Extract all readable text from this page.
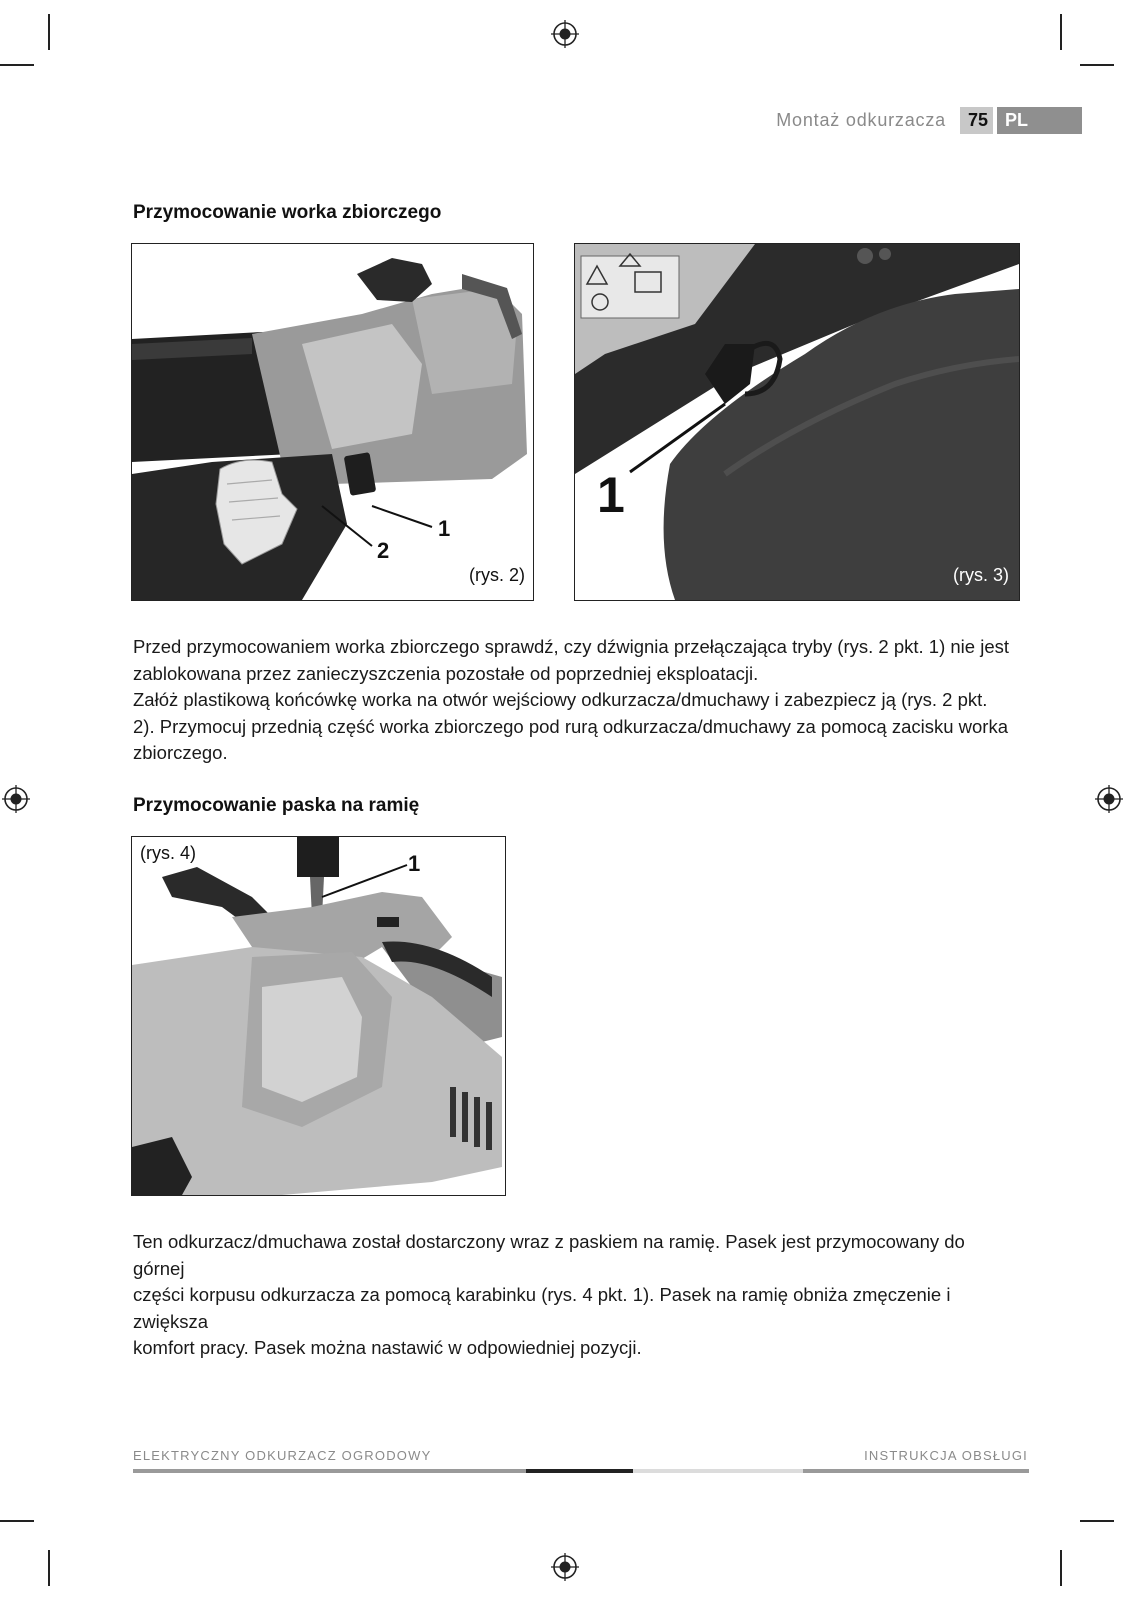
Montaż odkurzacza	75 PL
Przymocowanie worka zbiorczego
1
2
(rys. 2)
1
(rys. 3)

Przed przymocowaniem worka zbiorczego sprawdź, czy dźwignia przełączająca tryby (rys. 2 pkt. 1) nie jest
zablokowana przez zanieczyszczenia pozostałe od poprzedniej eksploatacji.
Załóż plastikową końcówkę worka na otwór wejściowy odkurzacza/dmuchawy i zabezpiecz ją (rys. 2 pkt.
2). Przymocuj przednią część worka zbiorczego pod rurą odkurzacza/dmuchawy za pomocą zacisku worka
zbiorczego.

Przymocowanie paska na ramię
(rys. 4)	1

Ten odkurzacz/dmuchawa został dostarczony wraz z paskiem na ramię. Pasek jest przymocowany do górnej
części korpusu odkurzacza za pomocą karabinku (rys. 4 pkt. 1). Pasek na ramię obniża zmęczenie i zwiększa
komfort pracy. Pasek można nastawić w odpowiedniej pozycji.

ELEKTRYCZNY ODKURZACZ OGRODOWY	INSTRUKCJA OBSŁUGI
